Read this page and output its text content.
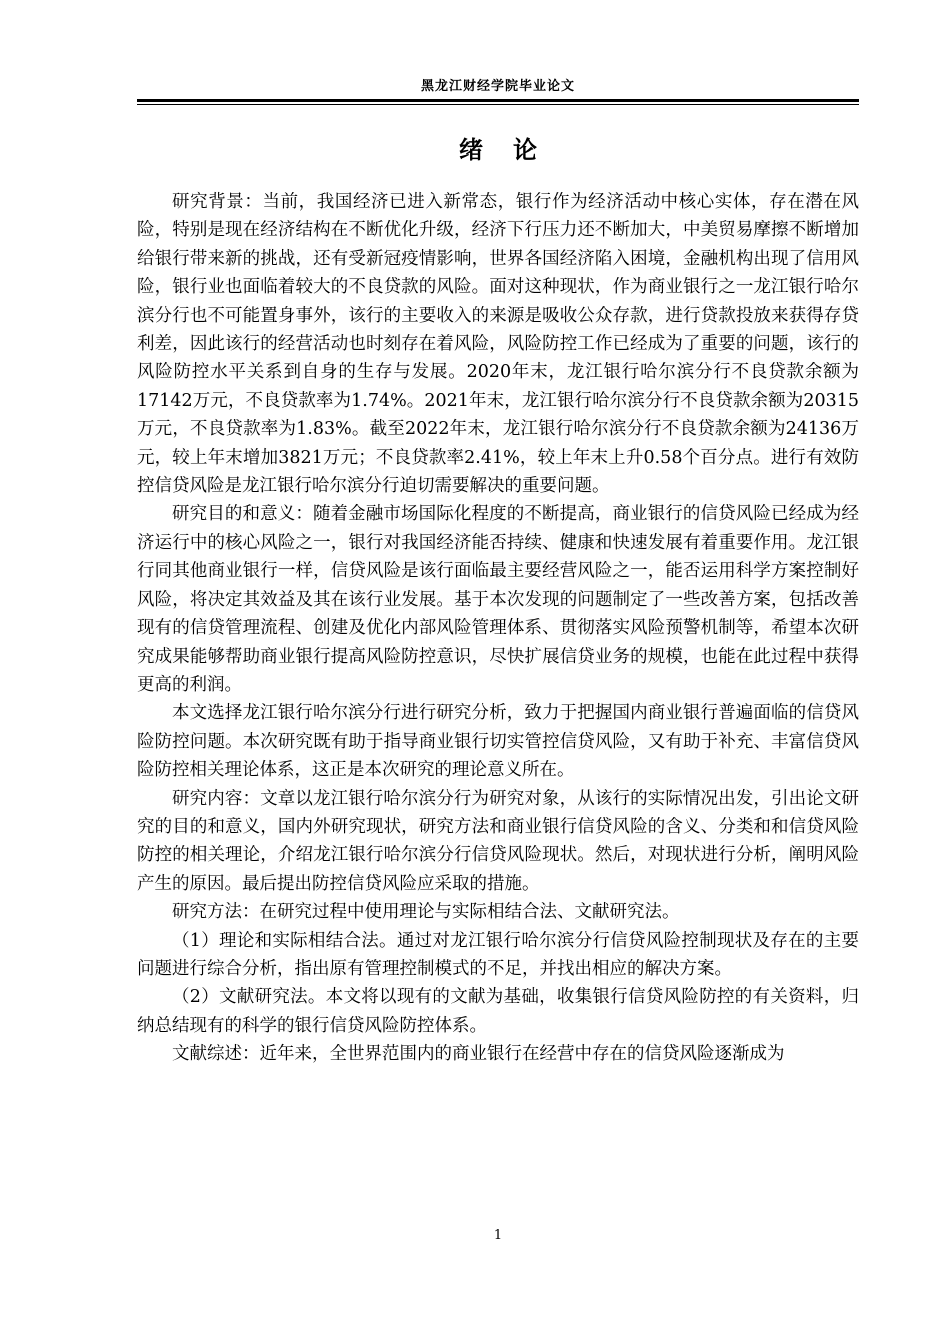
黑龙江财经学院毕业论文
绪论

研究背景：当前，我国经济已进入新常态，银行作为经济活动中核心实体，存在潜在风险，特别是现在经济结构在不断优化升级，经济下行压力还不断加大，中美贸易摩擦不断增加给银行带来新的挑战，还有受新冠疫情影响，世界各国经济陷入困境，金融机构出现了信用风险，银行业也面临着较大的不良贷款的风险。面对这种现状，作为商业银行之一龙江银行哈尔滨分行也不可能置身事外，该行的主要收入的来源是吸收公众存款，进行贷款投放来获得存贷利差，因此该行的经营活动也时刻存在着风险，风险防控工作已经成为了重要的问题，该行的风险防控水平关系到自身的生存与发展。2020年末，龙江银行哈尔滨分行不良贷款余额为17142万元，不良贷款率为1.74%。2021年末，龙江银行哈尔滨分行不良贷款余额为20315万元，不良贷款率为1.83%。截至2022年末，龙江银行哈尔滨分行不良贷款余额为24136万元，较上年末增加3821万元；不良贷款率2.41%，较上年末上升0.58个百分点。进行有效防控信贷风险是龙江银行哈尔滨分行迫切需要解决的重要问题。

研究目的和意义：随着金融市场国际化程度的不断提高，商业银行的信贷风险已经成为经济运行中的核心风险之一，银行对我国经济能否持续、健康和快速发展有着重要作用。龙江银行同其他商业银行一样，信贷风险是该行面临最主要经营风险之一，能否运用科学方案控制好风险，将决定其效益及其在该行业发展。基于本次发现的问题制定了一些改善方案，包括改善现有的信贷管理流程、创建及优化内部风险管理体系、贯彻落实风险预警机制等，希望本次研究成果能够帮助商业银行提高风险防控意识，尽快扩展信贷业务的规模，也能在此过程中获得更高的利润。

本文选择龙江银行哈尔滨分行进行研究分析，致力于把握国内商业银行普遍面临的信贷风险防控问题。本次研究既有助于指导商业银行切实管控信贷风险，又有助于补充、丰富信贷风险防控相关理论体系，这正是本次研究的理论意义所在。

研究内容：文章以龙江银行哈尔滨分行为研究对象，从该行的实际情况出发，引出论文研究的目的和意义，国内外研究现状，研究方法和商业银行信贷风险的含义、分类和和信贷风险防控的相关理论，介绍龙江银行哈尔滨分行信贷风险现状。然后，对现状进行分析，阐明风险产生的原因。最后提出防控信贷风险应采取的措施。

研究方法：在研究过程中使用理论与实际相结合法、文献研究法。

（1）理论和实际相结合法。通过对龙江银行哈尔滨分行信贷风险控制现状及存在的主要问题进行综合分析，指出原有管理控制模式的不足，并找出相应的解决方案。

（2）文献研究法。本文将以现有的文献为基础，收集银行信贷风险防控的有关资料，归纳总结现有的科学的银行信贷风险防控体系。

文献综述：近年来，全世界范围内的商业银行在经营中存在的信贷风险逐渐成为

1
